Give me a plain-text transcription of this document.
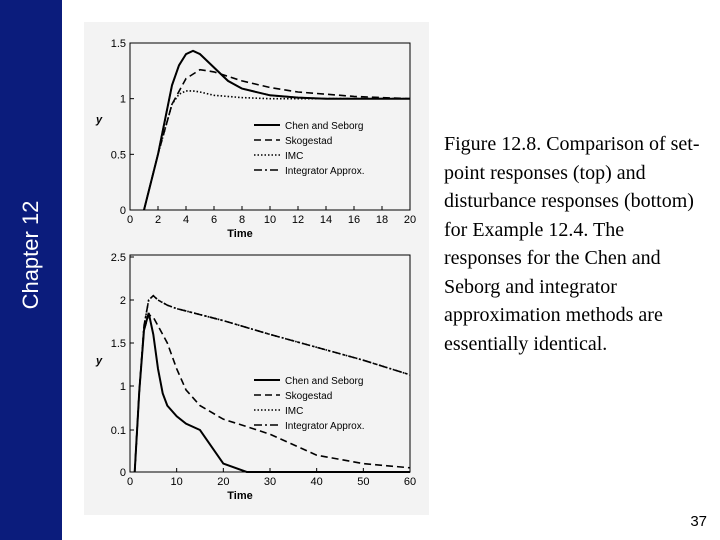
Chapter 12	0 2 4 6 8 10 12 14 16 18 20
0
0.5
1
1.5
Time
y
Chen and Seborg
Skogestad
IMC
Integrator Approx.
0	10	20	30	40	50	60
0
0.1
1
1.5
2
2.5
Time
y
Chen and Seborg
Skogestad
IMC
Integrator Approx.
Figure 12.8. Comparison of set-point responses (top) and disturbance responses (bottom) for Example 12.4. The responses for the Chen and Seborg and integrator approximation methods are essentially identical.
37
